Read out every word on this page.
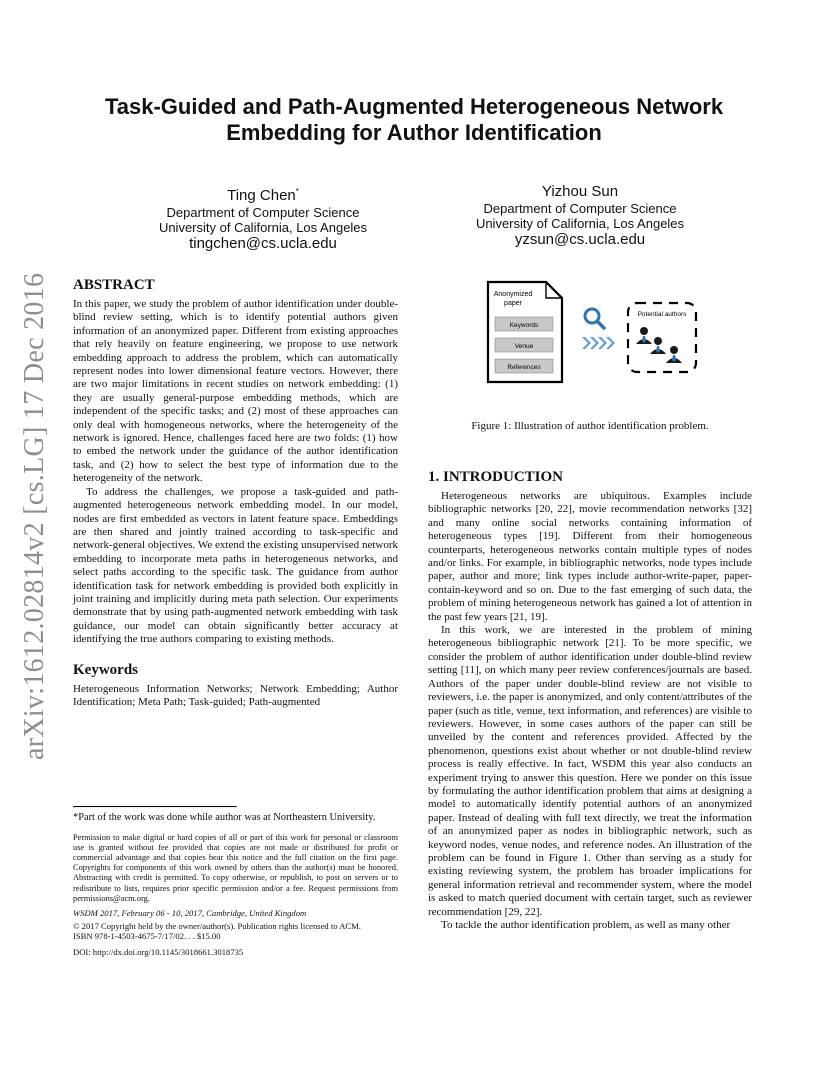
arXiv:1612.02814v2 [cs.LG] 17 Dec 2016
Task-Guided and Path-Augmented Heterogeneous Network
Embedding for Author Identification
Ting Chen*
Department of Computer Science
University of California, Los Angeles
tingchen@cs.ucla.edu
Yizhou Sun
Department of Computer Science
University of California, Los Angeles
yzsun@cs.ucla.edu
ABSTRACT

In this paper, we study the problem of author identification under double-blind review setting, which is to identify potential authors given information of an anonymized paper. Different from existing approaches that rely heavily on feature engineering, we propose to use network embedding approach to address the problem, which can automatically represent nodes into lower dimensional feature vectors. However, there are two major limitations in recent studies on network embedding: (1) they are usually general-purpose embedding methods, which are independent of the specific tasks; and (2) most of these approaches can only deal with homogeneous networks, where the heterogeneity of the network is ignored. Hence, challenges faced here are two folds: (1) how to embed the network under the guidance of the author identification task, and (2) how to select the best type of information due to the heterogeneity of the network.

To address the challenges, we propose a task-guided and path-augmented heterogeneous network embedding model. In our model, nodes are first embedded as vectors in latent feature space. Embeddings are then shared and jointly trained according to task-specific and network-general objectives. We extend the existing unsupervised network embedding to incorporate meta paths in heterogeneous networks, and select paths according to the specific task. The guidance from author identification task for network embedding is provided both explicitly in joint training and implicitly during meta path selection. Our experiments demonstrate that by using path-augmented network embedding with task guidance, our model can obtain significantly better accuracy at identifying the true authors comparing to existing methods.

Keywords

Heterogeneous Information Networks; Network Embedding; Author Identification; Meta Path; Task-guided; Path-augmented

*Part of the work was done while author was at Northeastern University.

Permission to make digital or hard copies of all or part of this work for personal or classroom use is granted without fee provided that copies are not made or distributed for profit or commercial advantage and that copies bear this notice and the full citation on the first page. Copyrights for components of this work owned by others than the author(s) must be honored. Abstracting with credit is permitted. To copy otherwise, or republish, to post on servers or to redistribute to lists, requires prior specific permission and/or a fee. Request permissions from permissions@acm.org.

WSDM 2017, February 06 - 10, 2017, Cambridge, United Kingdom

© 2017 Copyright held by the owner/author(s). Publication rights licensed to ACM.
ISBN 978-1-4503-4675-7/17/02. . . $15.00

DOI: http://dx.doi.org/10.1145/3018661.3018735

Anonymized
paper
Keywords
Venue
References
Potential authors
Figure 1: Illustration of author identification problem.
1. INTRODUCTION

Heterogeneous networks are ubiquitous. Examples include bibliographic networks [20, 22], movie recommendation networks [32] and many online social networks containing information of heterogeneous types [19]. Different from their homogeneous counterparts, heterogeneous networks contain multiple types of nodes and/or links. For example, in bibliographic networks, node types include paper, author and more; link types include author-write-paper, paper-contain-keyword and so on. Due to the fast emerging of such data, the problem of mining heterogeneous network has gained a lot of attention in the past few years [21, 19].

In this work, we are interested in the problem of mining heterogeneous bibliographic network [21]. To be more specific, we consider the problem of author identification under double-blind review setting [11], on which many peer review conferences/journals are based. Authors of the paper under double-blind review are not visible to reviewers, i.e. the paper is anonymized, and only content/attributes of the paper (such as title, venue, text information, and references) are visible to reviewers. However, in some cases authors of the paper can still be unveiled by the content and references provided. Affected by the phenomenon, questions exist about whether or not double-blind review process is really effective. In fact, WSDM this year also conducts an experiment trying to answer this question. Here we ponder on this issue by formulating the author identification problem that aims at designing a model to automatically identify potential authors of an anonymized paper. Instead of dealing with full text directly, we treat the information of an anonymized paper as nodes in bibliographic network, such as keyword nodes, venue nodes, and reference nodes. An illustration of the problem can be found in Figure 1. Other than serving as a study for existing reviewing system, the problem has broader implications for general information retrieval and recommender system, where the model is asked to match queried document with certain target, such as reviewer recommendation [29, 22].

To tackle the author identification problem, as well as many other
